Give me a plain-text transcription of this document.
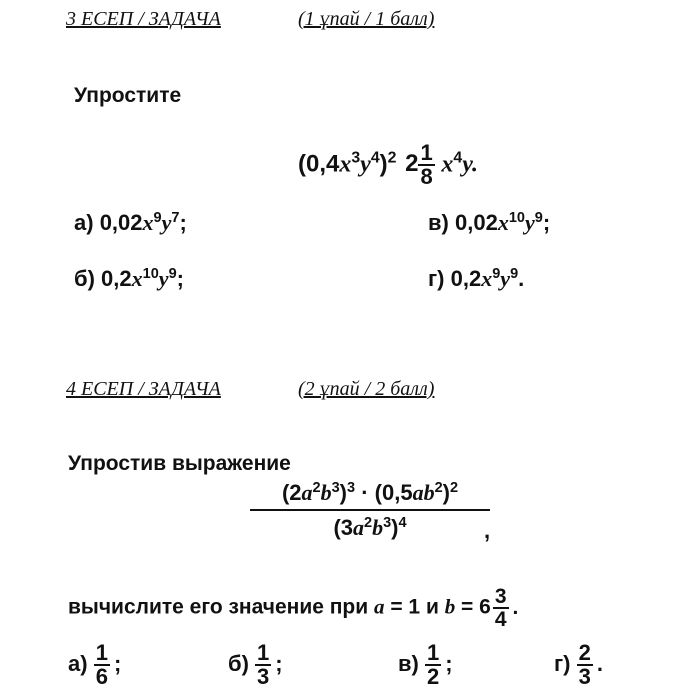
3 ЕСЕП / ЗАДАЧА	(1 ұпай / 1 балл)
Упростите
$(0,4x^3y^4)^2$ $2 \frac{1}{8} x^4y$.
а) $0,02x^9y^7$;	в) $0,02x^{10}y^9$;
б) $0,2x^{10}y^9$;	г) $0,2x^9y^9$.
4 ЕСЕП / ЗАДАЧА	(2 ұпай / 2 балл)
Упростив выражение
$\frac{(2a^2b^3)^3 \cdot (0,5ab^2)^2}{(3a^2b^3)^4}$
,
вычислите его значение при a = 1 и $b = 6 \frac{3}{4}$ .
$а) \frac{1}{6}$ ;	$б) \frac{1}{3}$ ;	$в) \frac{1}{2}$ ;	$г) \frac{2}{3}$ .
